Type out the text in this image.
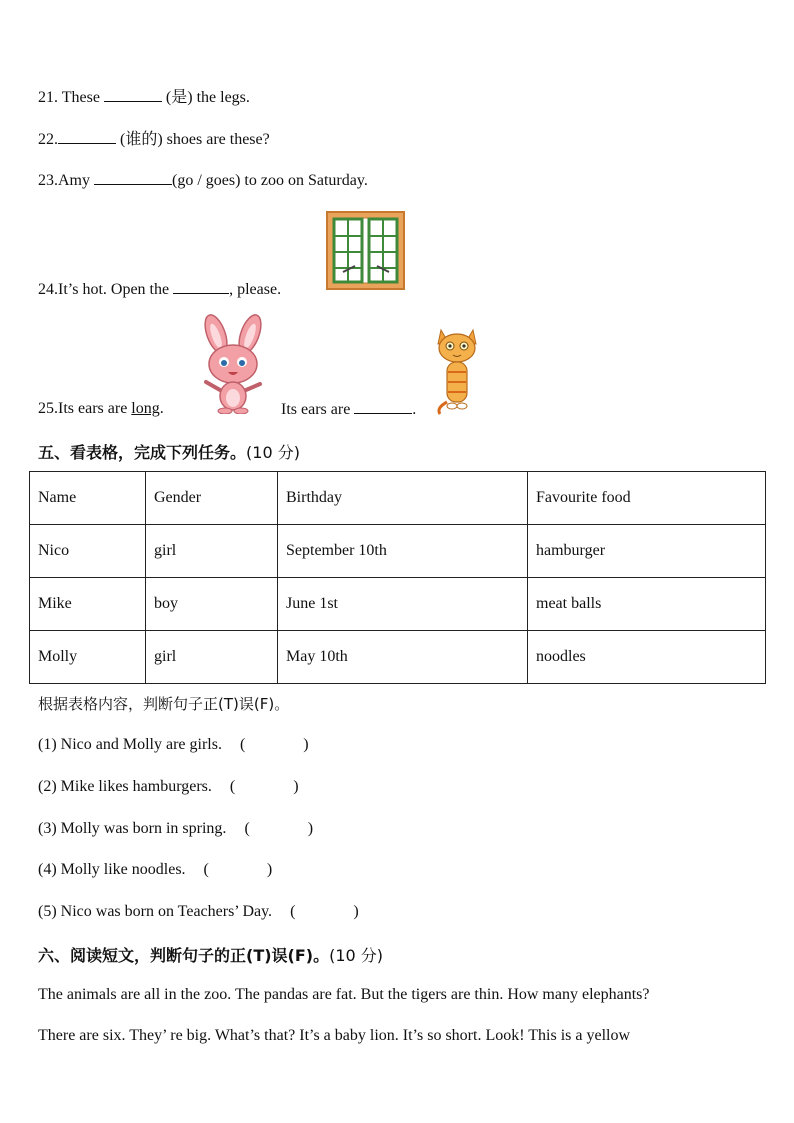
21. These	(是) the legs.
22.	(谁的) shoes are these?
23.Amy	(go / goes) to zoo on Saturday.
24.It’s hot. Open the	, please.
25.Its ears are long.	Its ears are	.
五、看表格，完成下列任务。(10 分)
Name	Gender	Birthday	Favourite food
Nico	girl	September 10th	hamburger
Mike	boy	June 1st	meat balls
Molly	girl	May 10th	noodles
根据表格内容，判断句子正(T)误(F)。
(1) Nico and Molly are girls. (	)
(2) Mike likes hamburgers. (	)
(3) Molly was born in spring. (	)
(4) Molly like noodles. (	)
(5) Nico was born on Teachers’ Day. (	)
六、阅读短文，判断句子的正(T)误(F)。(10 分)
The animals are all in the zoo. The pandas are fat. But the tigers are thin. How many elephants?
There are six. They’ re big. What’s that? It’s a baby lion. It’s so short. Look! This is a yellow
